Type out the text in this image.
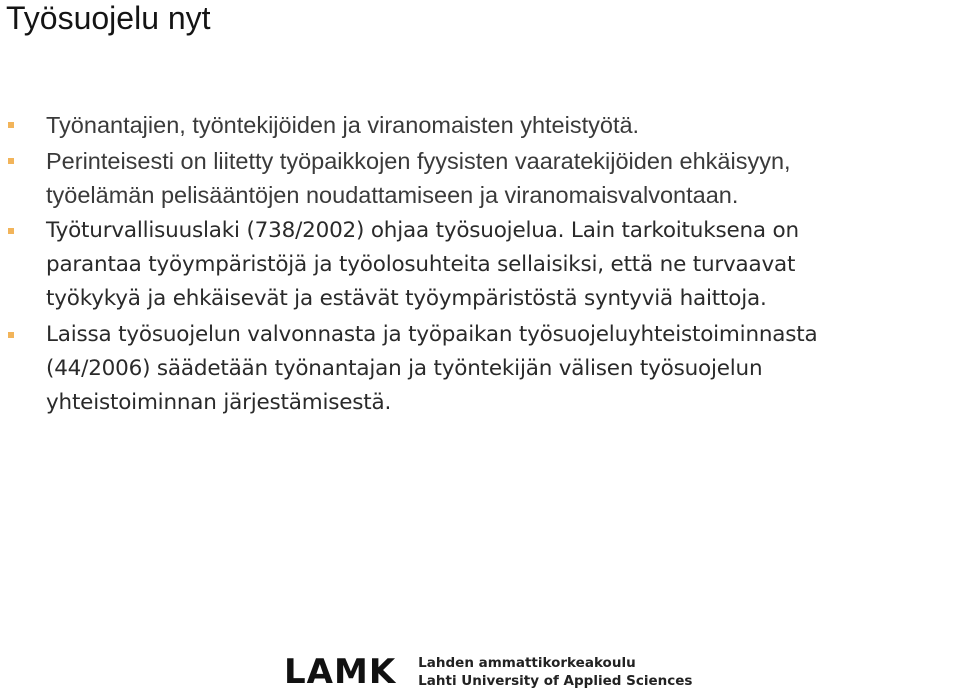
Työsuojelu nyt
Työnantajien, työntekijöiden ja viranomaisten yhteistyötä.
Perinteisesti on liitetty työpaikkojen fyysisten vaaratekijöiden ehkäisyyn,
työelämän pelisääntöjen noudattamiseen ja viranomaisvalvontaan.
Työturvallisuuslaki (738/2002) ohjaa työsuojelua. Lain tarkoituksena on
parantaa työympäristöjä ja työolosuhteita sellaisiksi, että ne turvaavat
työkykyä ja ehkäisevät ja estävät työympäristöstä syntyviä haittoja.
Laissa työsuojelun valvonnasta ja työpaikan työsuojeluyhteistoiminnasta
(44/2006) säädetään työnantajan ja työntekijän välisen työsuojelun
yhteistoiminnan järjestämisestä.
LAMK Lahden ammattikorkeakoulu
Lahti University of Applied Sciences
